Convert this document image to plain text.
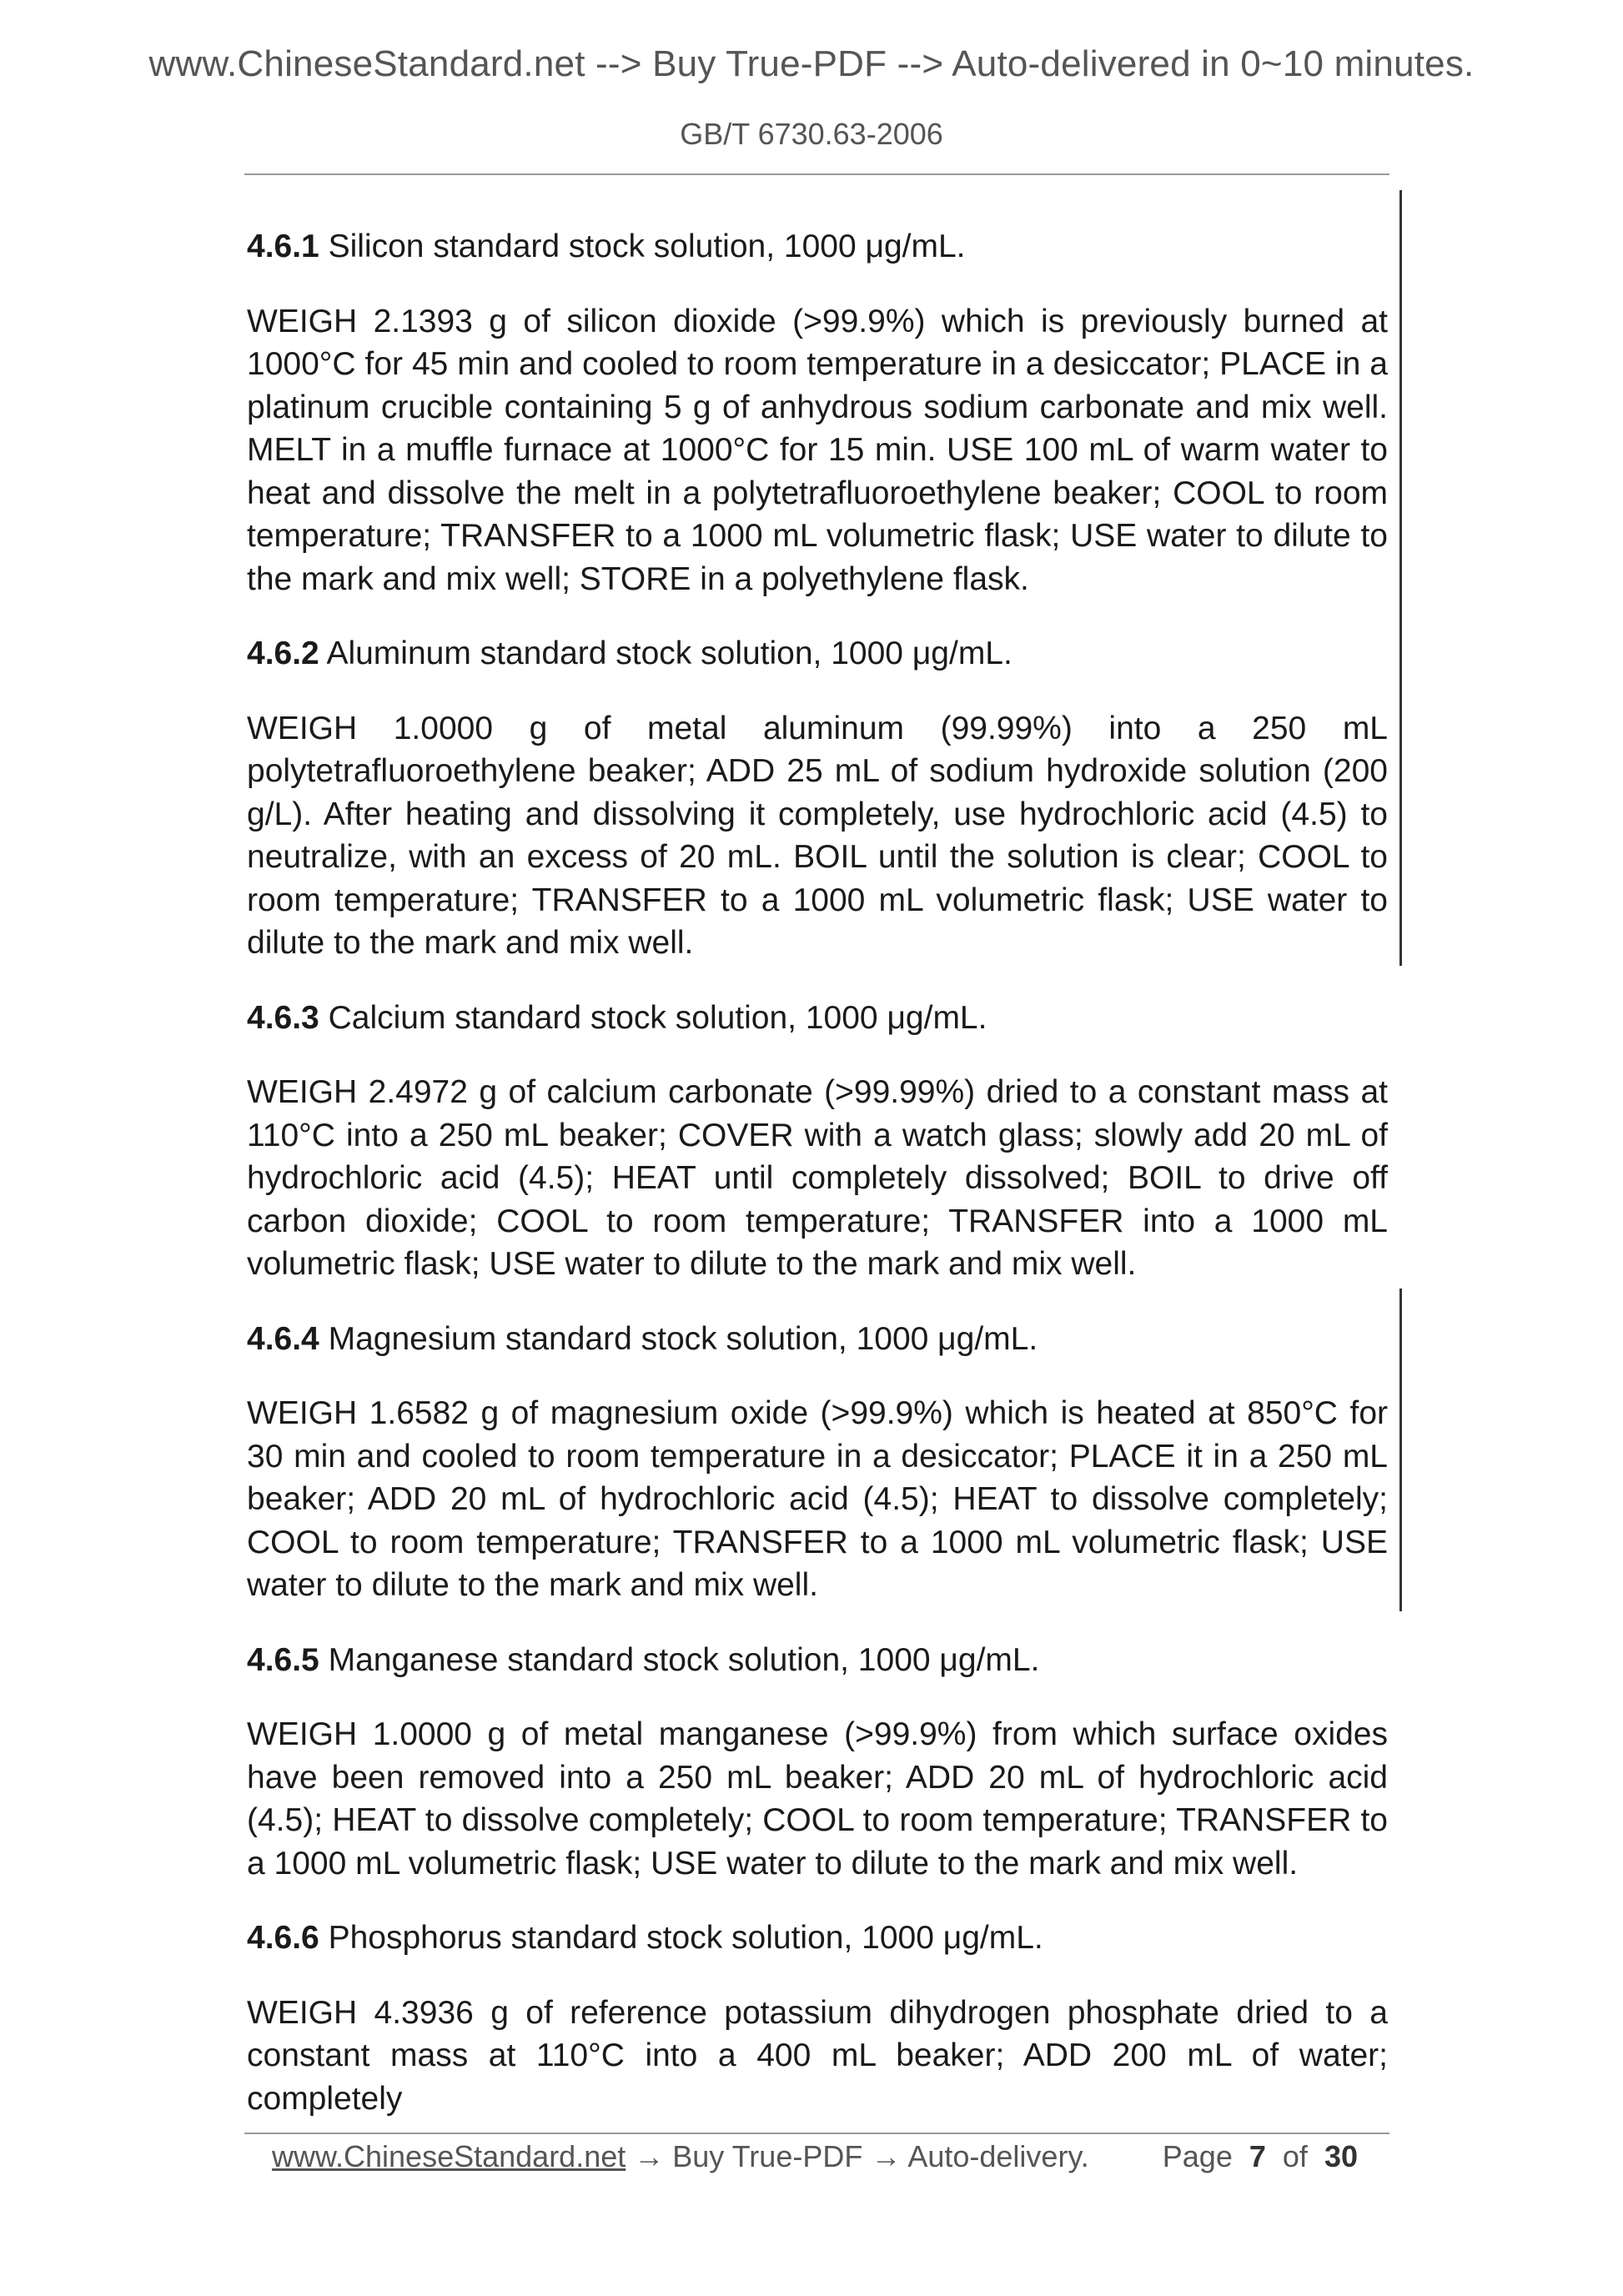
www.ChineseStandard.net --> Buy True-PDF --> Auto-delivered in 0~10 minutes.
GB/T 6730.63-2006

4.6.1 Silicon standard stock solution, 1000 μg/mL.

WEIGH 2.1393 g of silicon dioxide (>99.9%) which is previously burned at 1000°C for 45 min and cooled to room temperature in a desiccator; PLACE in a platinum crucible containing 5 g of anhydrous sodium carbonate and mix well. MELT in a muffle furnace at 1000°C for 15 min. USE 100 mL of warm water to heat and dissolve the melt in a polytetrafluoroethylene beaker; COOL to room temperature; TRANSFER to a 1000 mL volumetric flask; USE water to dilute to the mark and mix well; STORE in a polyethylene flask.

4.6.2 Aluminum standard stock solution, 1000 μg/mL.

WEIGH 1.0000 g of metal aluminum (99.99%) into a 250 mL polytetrafluoroethylene beaker; ADD 25 mL of sodium hydroxide solution (200 g/L). After heating and dissolving it completely, use hydrochloric acid (4.5) to neutralize, with an excess of 20 mL. BOIL until the solution is clear; COOL to room temperature; TRANSFER to a 1000 mL volumetric flask; USE water to dilute to the mark and mix well.

4.6.3 Calcium standard stock solution, 1000 μg/mL.

WEIGH 2.4972 g of calcium carbonate (>99.99%) dried to a constant mass at 110°C into a 250 mL beaker; COVER with a watch glass; slowly add 20 mL of hydrochloric acid (4.5); HEAT until completely dissolved; BOIL to drive off carbon dioxide; COOL to room temperature; TRANSFER into a 1000 mL volumetric flask; USE water to dilute to the mark and mix well.

4.6.4 Magnesium standard stock solution, 1000 μg/mL.

WEIGH 1.6582 g of magnesium oxide (>99.9%) which is heated at 850°C for 30 min and cooled to room temperature in a desiccator; PLACE it in a 250 mL beaker; ADD 20 mL of hydrochloric acid (4.5); HEAT to dissolve completely; COOL to room temperature; TRANSFER to a 1000 mL volumetric flask; USE water to dilute to the mark and mix well.

4.6.5 Manganese standard stock solution, 1000 μg/mL.

WEIGH 1.0000 g of metal manganese (>99.9%) from which surface oxides have been removed into a 250 mL beaker; ADD 20 mL of hydrochloric acid (4.5); HEAT to dissolve completely; COOL to room temperature; TRANSFER to a 1000 mL volumetric flask; USE water to dilute to the mark and mix well.

4.6.6 Phosphorus standard stock solution, 1000 μg/mL.

WEIGH 4.3936 g of reference potassium dihydrogen phosphate dried to a constant mass at 110°C into a 400 mL beaker; ADD 200 mL of water; completely

www.ChineseStandard.net → Buy True-PDF → Auto-delivery. Page 7 of 30
